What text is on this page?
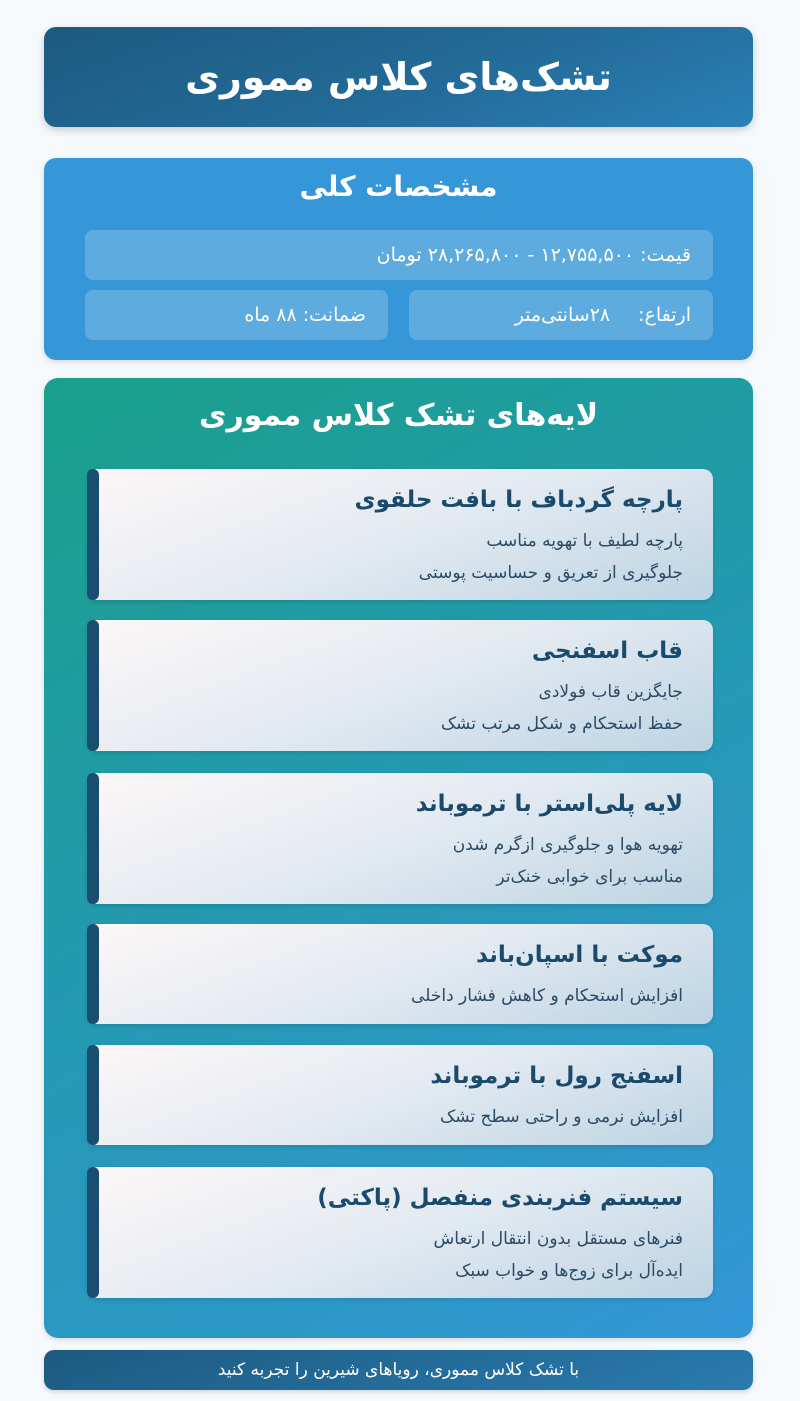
تشک‌های کلاس مموری
مشخصات کلی
قیمت: ۱۲,۷۵۵,۵۰۰ - ۲۸,۲۶۵,۸۰۰ تومان
ارتفاع:
۲۸سانتی‌متر
ضمانت: ۸۸ ماه
لایه‌های تشک کلاس مموری
پارچه گردباف با بافت حلقوی

پارچه لطیف با تهویه مناسب

جلوگیری از تعریق و حساسیت پوستی

قاب اسفنجی

جایگزین قاب فولادی

حفظ استحکام و شکل مرتب تشک

لایه پلی‌استر با ترموباند

تهویه هوا و جلوگیری ازگرم شدن

مناسب برای خوابی خنک‌تر

موکت با اسپان‌باند

افزایش استحکام و کاهش فشار داخلی

اسفنج رول با ترموباند

افزایش نرمی و راحتی سطح تشک

سیستم فنربندی منفصل (پاکتی)

فنرهای مستقل بدون انتقال ارتعاش

ایده‌آل برای زوج‌ها و خواب سبک

با تشک کلاس مموری، رویاهای شیرین را تجربه کنید
